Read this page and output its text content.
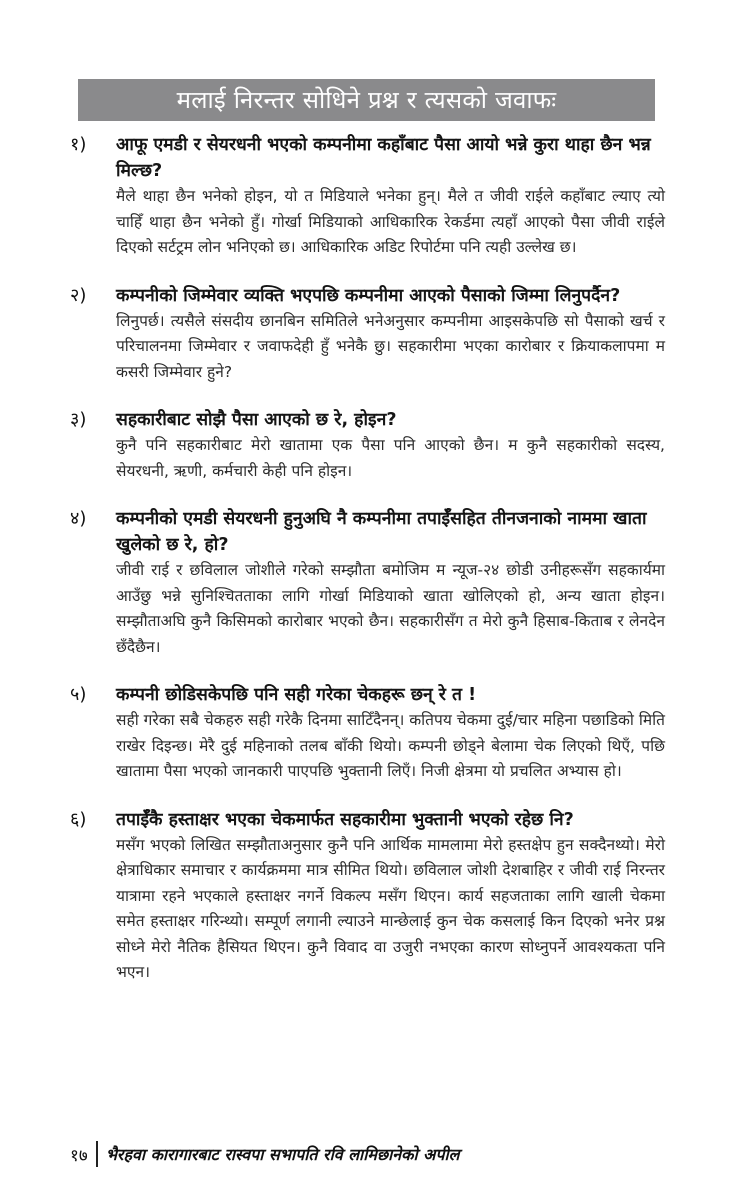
मलाई निरन्तर सोधिने प्रश्न र त्यसको जवाफः
१)	आफू एमडी र सेयरधनी भएको कम्पनीमा कहाँबाट पैसा आयो भन्ने कुरा थाहा छैन भन्न मिल्छ?
मैले थाहा छैन भनेको होइन, यो त मिडियाले भनेका हुन्। मैले त जीवी राईले कहाँबाट ल्याए त्यो चाहिँ थाहा छैन भनेको हुँ। गोर्खा मिडियाको आधिकारिक रेकर्डमा त्यहाँ आएको पैसा जीवी राईले दिएको सर्टट्रम लोन भनिएको छ। आधिकारिक अडिट रिपोर्टमा पनि त्यही उल्लेख छ।
२)	कम्पनीको जिम्मेवार व्यक्ति भएपछि कम्पनीमा आएको पैसाको जिम्मा लिनुपर्दैन?
लिनुपर्छ। त्यसैले संसदीय छानबिन समितिले भनेअनुसार कम्पनीमा आइसकेपछि सो पैसाको खर्च र परिचालनमा जिम्मेवार र जवाफदेही हुँ भनेकै छु। सहकारीमा भएका कारोबार र क्रियाकलापमा म कसरी जिम्मेवार हुने?
३)	सहकारीबाट सोझै पैसा आएको छ रे, होइन?
कुनै पनि सहकारीबाट मेरो खातामा एक पैसा पनि आएको छैन। म कुनै सहकारीको सदस्य, सेयरधनी, ऋणी, कर्मचारी केही पनि होइन।
४)	कम्पनीको एमडी सेयरधनी हुनुअघि नै कम्पनीमा तपाईँसहित तीनजनाको नाममा खाता खुलेको छ रे, हो?
जीवी राई र छविलाल जोशीले गरेको सम्झौता बमोजिम म न्यूज-२४ छोडी उनीहरूसँग सहकार्यमा आउँछु भन्ने सुनिश्चितताका लागि गोर्खा मिडियाको खाता खोलिएको हो, अन्य खाता होइन। सम्झौताअघि कुनै किसिमको कारोबार भएको छैन। सहकारीसँग त मेरो कुनै हिसाब-किताब र लेनदेन छँदैछैन।
५)	कम्पनी छोडिसकेपछि पनि सही गरेका चेकहरू छन् रे त !
सही गरेका सबै चेकहरु सही गरेकै दिनमा साटिँदैनन्। कतिपय चेकमा दुई/चार महिना पछाडिको मिति राखेर दिइन्छ। मेरै दुई महिनाको तलब बाँकी थियो। कम्पनी छोड्ने बेलामा चेक लिएको थिएँ, पछि खातामा पैसा भएको जानकारी पाएपछि भुक्तानी लिएँ। निजी क्षेत्रमा यो प्रचलित अभ्यास हो।
६)	तपाईँकै हस्ताक्षर भएका चेकमार्फत सहकारीमा भुक्तानी भएको रहेछ नि?
मसँग भएको लिखित सम्झौताअनुसार कुनै पनि आर्थिक मामलामा मेरो हस्तक्षेप हुन सक्दैनथ्यो। मेरो क्षेत्राधिकार समाचार र कार्यक्रममा मात्र सीमित थियो। छविलाल जोशी देशबाहिर र जीवी राई निरन्तर यात्रामा रहने भएकाले हस्ताक्षर नगर्ने विकल्प मसँग थिएन। कार्य सहजताका लागि खाली चेकमा समेत हस्ताक्षर गरिन्थ्यो। सम्पूर्ण लगानी ल्याउने मान्छेलाई कुन चेक कसलाई किन दिएको भनेर प्रश्न सोध्ने मेरो नैतिक हैसियत थिएन। कुनै विवाद वा उजुरी नभएका कारण सोध्नुपर्ने आवश्यकता पनि भएन।
१७	भैरहवा कारागारबाट रास्वपा सभापति रवि लामिछानेको अपील
